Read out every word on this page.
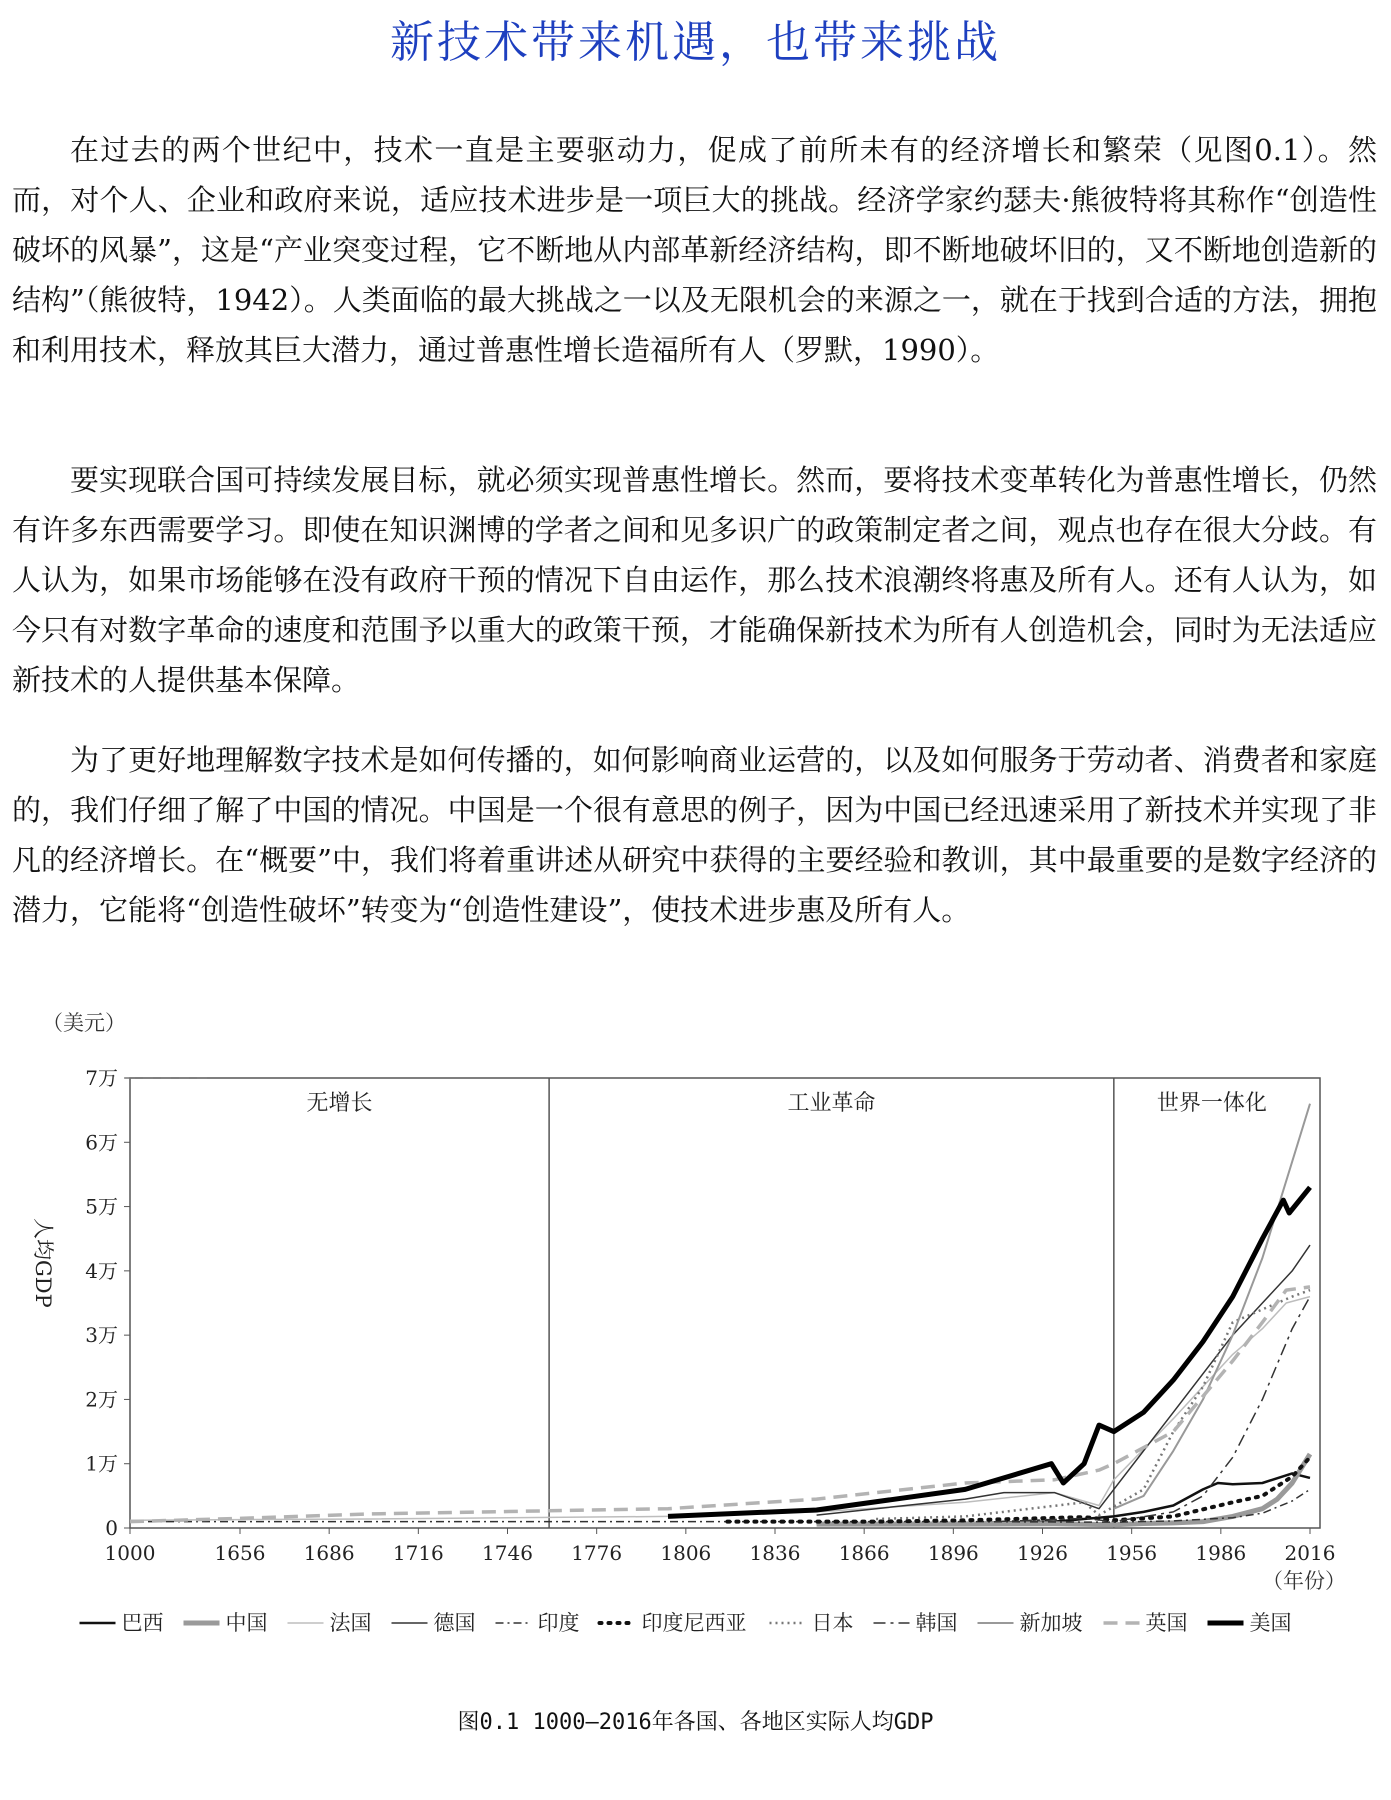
新技术带来机遇，也带来挑战

在过去的两个世纪中，技术一直是主要驱动力，促成了前所未有的经济增长和繁荣（见图0.1）。然而，对个人、企业和政府来说，适应技术进步是一项巨大的挑战。经济学家约瑟夫·熊彼特将其称作“创造性破坏的风暴”，这是“产业突变过程，它不断地从内部革新经济结构，即不断地破坏旧的，又不断地创造新的结构”（熊彼特，1942）。人类面临的最大挑战之一以及无限机会的来源之一，就在于找到合适的方法，拥抱和利用技术，释放其巨大潜力，通过普惠性增长造福所有人（罗默，1990）。

要实现联合国可持续发展目标，就必须实现普惠性增长。然而，要将技术变革转化为普惠性增长，仍然有许多东西需要学习。即使在知识渊博的学者之间和见多识广的政策制定者之间，观点也存在很大分歧。有人认为，如果市场能够在没有政府干预的情况下自由运作，那么技术浪潮终将惠及所有人。还有人认为，如今只有对数字革命的速度和范围予以重大的政策干预，才能确保新技术为所有人创造机会，同时为无法适应新技术的人提供基本保障。

为了更好地理解数字技术是如何传播的，如何影响商业运营的，以及如何服务于劳动者、消费者和家庭的，我们仔细了解了中国的情况。中国是一个很有意思的例子，因为中国已经迅速采用了新技术并实现了非凡的经济增长。在“概要”中，我们将着重讲述从研究中获得的主要经验和教训，其中最重要的是数字经济的潜力，它能将“创造性破坏”转变为“创造性建设”，使技术进步惠及所有人。

无增长	工业革命	世界一体化
0
1万
2万
3万
4万
5万
6万
7万
1000	1656 1686 1716 1746 1776 1806 1836 1866 1896 1926 1956 1986 2016
（美元）
（年份）
人均GDP
巴西	中国	法国	德国	印度	印度尼西亚	日本	韩国	新加坡	英国	美国
图0.1 1000—2016年各国、各地区实际人均GDP
